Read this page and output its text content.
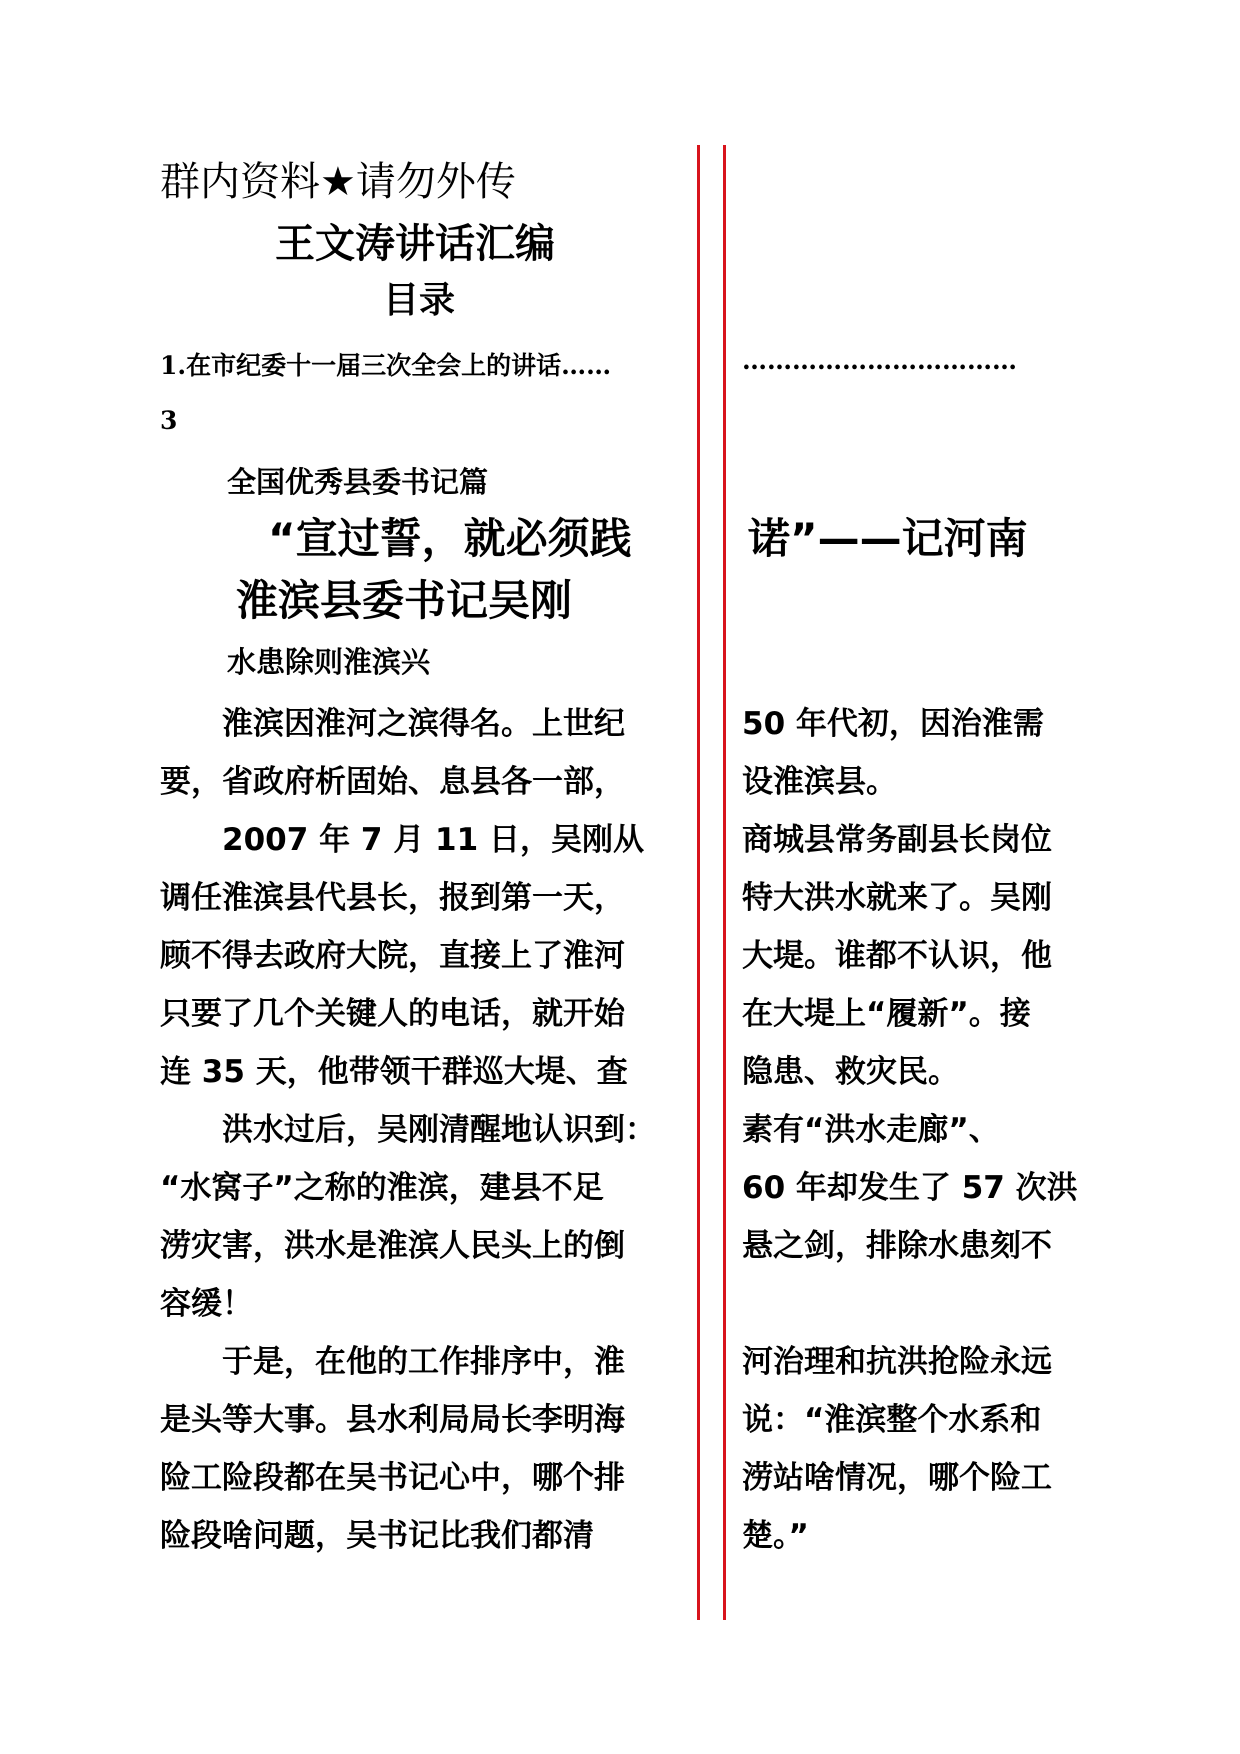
群内资料★请勿外传
王文涛讲话汇编
目录
1.在市纪委十一届三次全会上的讲话……	……………………………
3
全国优秀县委书记篇
“宣过誓，就必须践	诺”——记河南
淮滨县委书记吴刚
水患除则淮滨兴
　　淮滨因淮河之滨得名。上世纪
要，省政府析固始、息县各一部，
　　2007 年 7 月 11 日，吴刚从
调任淮滨县代县长，报到第一天，
顾不得去政府大院，直接上了淮河
只要了几个关键人的电话，就开始
连 35 天，他带领干群巡大堤、查
　　洪水过后，吴刚清醒地认识到：
“水窝子”之称的淮滨，建县不足
涝灾害，洪水是淮滨人民头上的倒
容缓！
　　于是，在他的工作排序中，淮
是头等大事。县水利局局长李明海
险工险段都在吴书记心中，哪个排
险段啥问题，吴书记比我们都清
50 年代初，因治淮需
设淮滨县。
商城县常务副县长岗位
特大洪水就来了。吴刚
大堤。谁都不认识，他
在大堤上“履新”。接
隐患、救灾民。
素有“洪水走廊”、
60 年却发生了 57 次洪
悬之剑，排除水患刻不
河治理和抗洪抢险永远
说：“淮滨整个水系和
涝站啥情况，哪个险工
楚。”
